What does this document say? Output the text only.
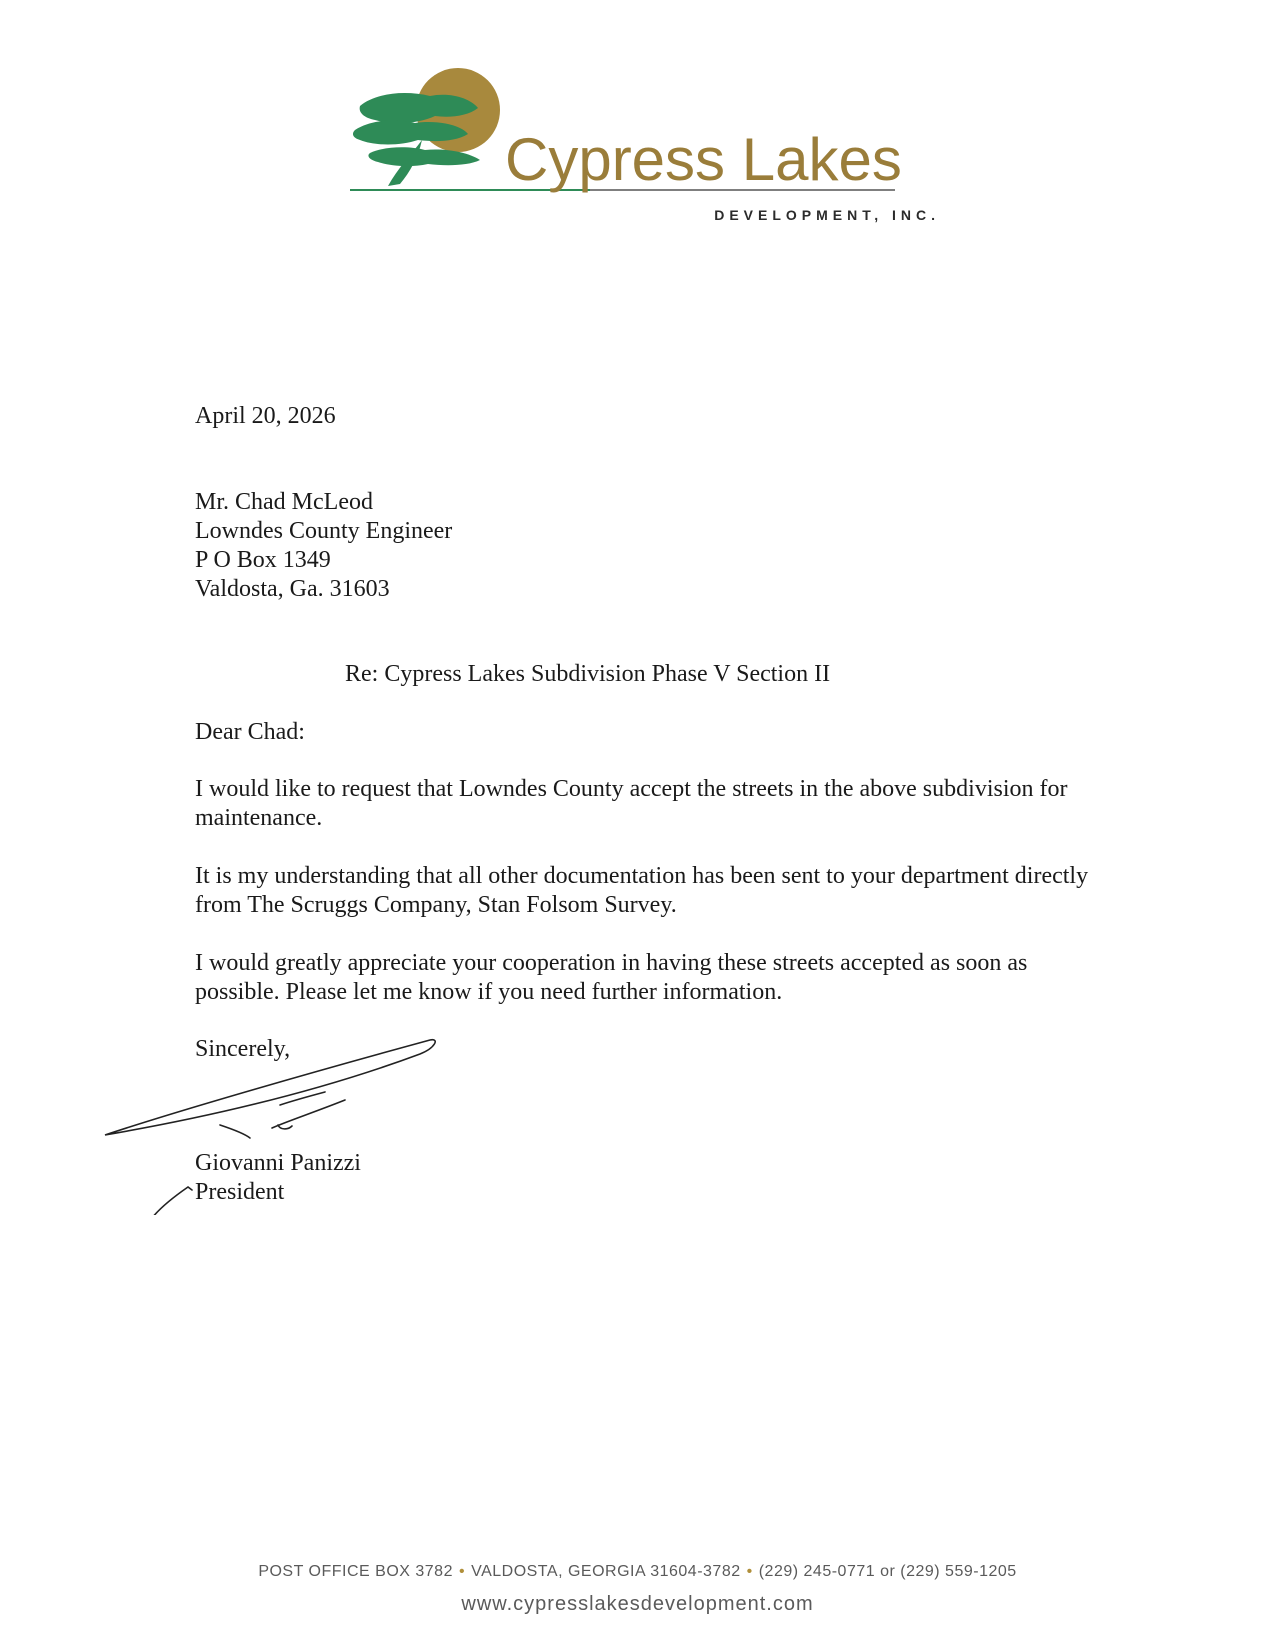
Cypress Lakes
DEVELOPMENT, INC.
April 20, 2026
Mr. Chad McLeod
Lowndes County Engineer
P O Box 1349
Valdosta, Ga. 31603
Re: Cypress Lakes Subdivision Phase V Section II
Dear Chad:
I would like to request that Lowndes County accept the streets in the above subdivision for maintenance.
It is my understanding that all other documentation has been sent to your department directly from The Scruggs Company, Stan Folsom Survey.
I would greatly appreciate your cooperation in having these streets accepted as soon as possible. Please let me know if you need further information.
Sincerely,
Giovanni Panizzi
President
POST OFFICE BOX 3782 • VALDOSTA, GEORGIA 31604-3782 • (229) 245-0771 or (229) 559-1205
www.cypresslakesdevelopment.com
